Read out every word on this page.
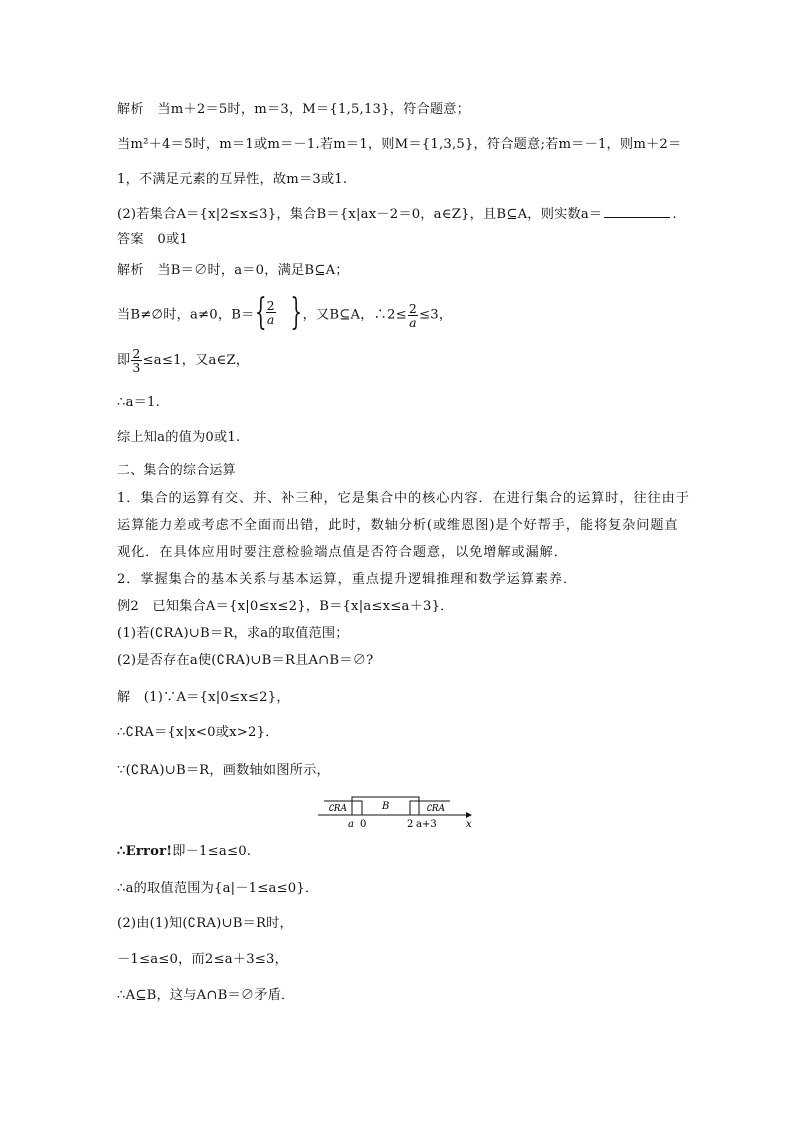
解析　当m＋2＝5时，m＝3，M＝{1,5,13}，符合题意；
当m²＋4＝5时，m＝1或m＝－1.若m＝1，则M＝{1,3,5}，符合题意;若m＝－1，则m＋2＝
1，不满足元素的互异性，故m＝3或1.
(2)若集合A＝{x|2≤x≤3}，集合B＝{x|ax－2＝0，a∈Z}，且B⊆A，则实数a＝	.
答案　0或1
解析　当B＝∅时，a＝0，满足B⊆A；
当B≠∅时，a≠0，B＝ { $\frac{2}{a}$ } ，又B⊆A，∴2≤ $\frac{2}{a} \le 3$，
即 $\frac{2}{3} \le a\le 1$，又a∈Z，
∴a＝1.
综上知a的值为0或1.
二、集合的综合运算
1．集合的运算有交、并、补三种，它是集合中的核心内容．在进行集合的运算时，往往由于
运算能力差或考虑不全面而出错，此时，数轴分析(或维恩图)是个好帮手，能将复杂问题直
观化．在具体应用时要注意检验端点值是否符合题意，以免增解或漏解．
2．掌握集合的基本关系与基本运算，重点提升逻辑推理和数学运算素养．
例2　已知集合A＝{x|0≤x≤2}，B＝{x|a≤x≤a＋3}．
(1)若(∁RA)∪B＝R，求a的取值范围；
(2)是否存在a使(∁RA)∪B＝R且A∩B＝∅?
解　(1)∵A＝{x|0≤x≤2}，
∴∁RA＝{x|x<0或x>2}．
∵(∁RA)∪B＝R，画数轴如图所示，
∁RA	B	∁RA
a 0	2 a+3	x
∴Error!即－1≤a≤0.
∴a的取值范围为{a|－1≤a≤0}．
(2)由(1)知(∁RA)∪B＝R时，
－1≤a≤0，而2≤a＋3≤3，
∴A⊆B，这与A∩B＝∅矛盾．
